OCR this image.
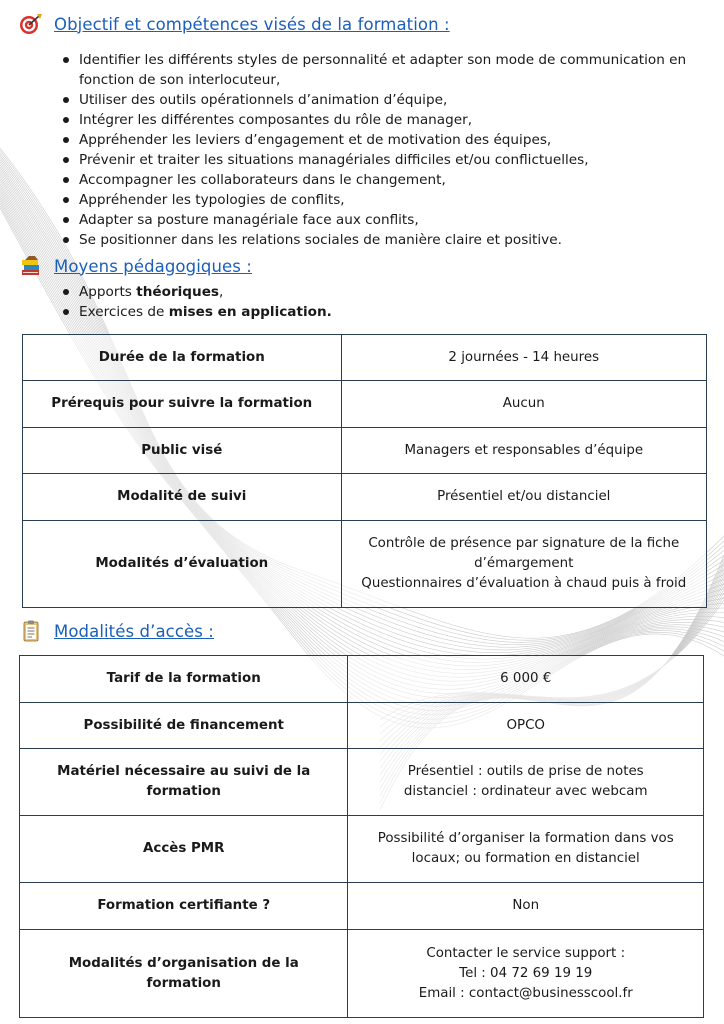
Objectif et compétences visés de la formation :
Identifier les différents styles de personnalité et adapter son mode de communication en fonction de son interlocuteur,
Utiliser des outils opérationnels d’animation d’équipe,
Intégrer les différentes composantes du rôle de manager,
Appréhender les leviers d’engagement et de motivation des équipes,
Prévenir et traiter les situations managériales difficiles et/ou conflictuelles,
Accompagner les collaborateurs dans le changement,
Appréhender les typologies de conflits,
Adapter sa posture managériale face aux conflits,
Se positionner dans les relations sociales de manière claire et positive.
Moyens pédagogiques :
Apports théoriques,
Exercices de mises en application.
Durée de la formation	2 journées - 14 heures
Prérequis pour suivre la formation	Aucun
Public visé	Managers et responsables d’équipe
Modalité de suivi	Présentiel et/ou distanciel
Modalités d’évaluation	Contrôle de présence par signature de la fiche
d’émargement
Questionnaires d’évaluation à chaud puis à froid
Modalités d’accès :
Tarif de la formation	6 000 €
Possibilité de financement	OPCO

Matériel nécessaire au suivi de la
formation	Présentiel : outils de prise de notes
distanciel : ordinateur avec webcam

Accès PMR	Possibilité d’organiser la formation dans vos
locaux; ou formation en distanciel

Formation certifiante ?	Non
Modalités d’organisation de la formation	Contacter le service support :
Tel : 04 72 69 19 19
Email : contact@businesscool.fr
